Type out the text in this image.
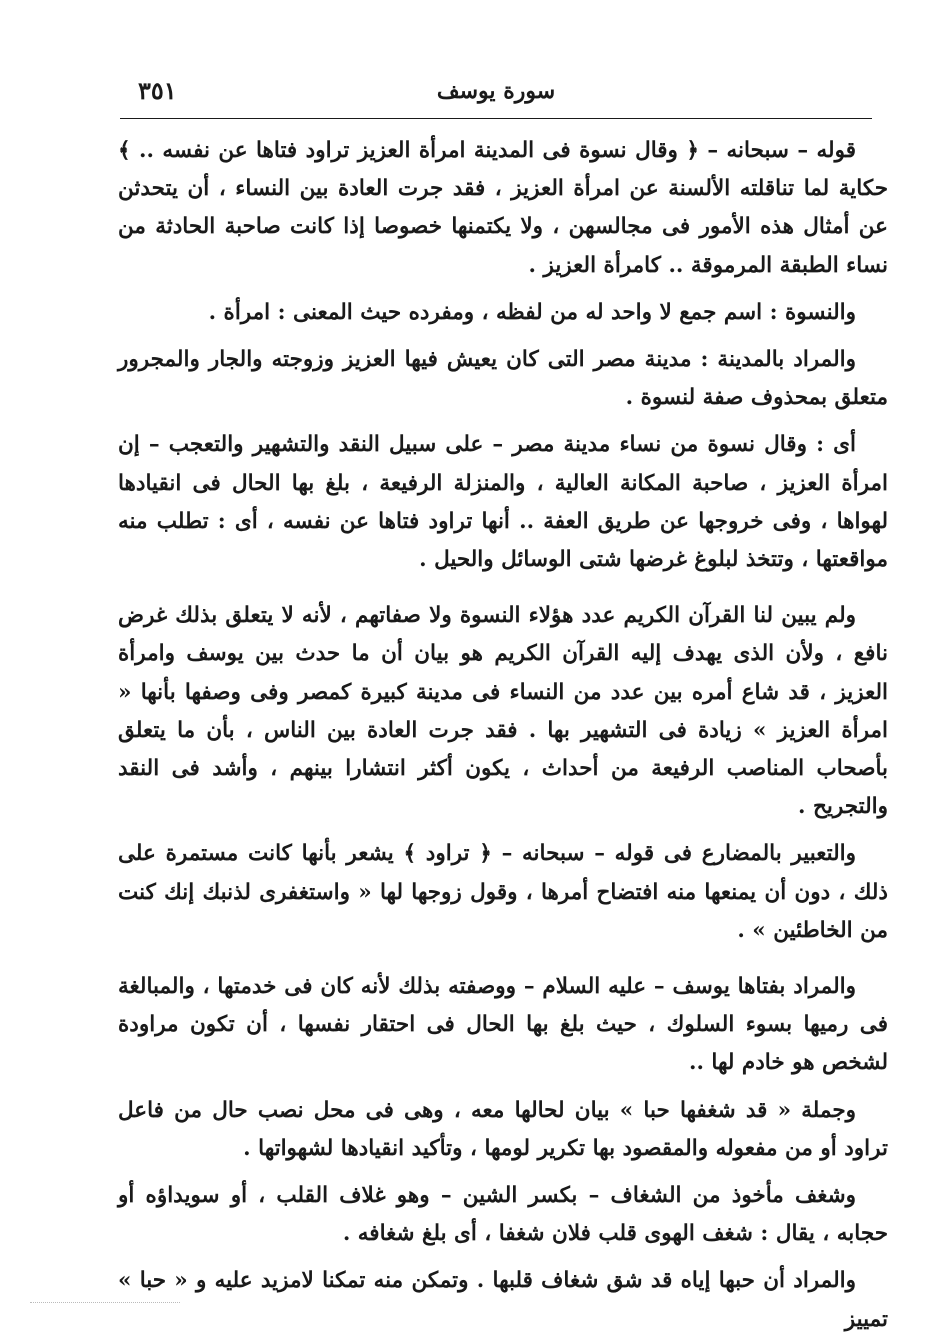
٣٥١	سورة يوسف

قوله – سبحانه – ﴿ وقال نسوة فى المدينة امرأة العزيز تراود فتاها عن نفسه .. ﴾ حكاية لما تناقلته الألسنة عن امرأة العزيز ، فقد جرت العادة بين النساء ، أن يتحدثن عن أمثال هذه الأمور فى مجالسهن ، ولا يكتمنها خصوصا إذا كانت صاحبة الحادثة من نساء الطبقة المرموقة .. كامرأة العزيز .

والنسوة : اسم جمع لا واحد له من لفظه ، ومفرده حيث المعنى : امرأة .

والمراد بالمدينة : مدينة مصر التى كان يعيش فيها العزيز وزوجته والجار والمجرور متعلق بمحذوف صفة لنسوة .

أى : وقال نسوة من نساء مدينة مصر – على سبيل النقد والتشهير والتعجب – إن امرأة العزيز ، صاحبة المكانة العالية ، والمنزلة الرفيعة ، بلغ بها الحال فى انقيادها لهواها ، وفى خروجها عن طريق العفة .. أنها تراود فتاها عن نفسه ، أى : تطلب منه مواقعتها ، وتتخذ لبلوغ غرضها شتى الوسائل والحيل .

ولم يبين لنا القرآن الكريم عدد هؤلاء النسوة ولا صفاتهم ، لأنه لا يتعلق بذلك غرض نافع ، ولأن الذى يهدف إليه القرآن الكريم هو بيان أن ما حدث بين يوسف وامرأة العزيز ، قد شاع أمره بين عدد من النساء فى مدينة كبيرة كمصر وفى وصفها بأنها « امرأة العزيز » زيادة فى التشهير بها . فقد جرت العادة بين الناس ، بأن ما يتعلق بأصحاب المناصب الرفيعة من أحداث ، يكون أكثر انتشارا بينهم ، وأشد فى النقد والتجريح .

والتعبير بالمضارع فى قوله – سبحانه – ﴿ تراود ﴾ يشعر بأنها كانت مستمرة على ذلك ، دون أن يمنعها منه افتضاح أمرها ، وقول زوجها لها « واستغفرى لذنبك إنك كنت من الخاطئين » .

والمراد بفتاها يوسف – عليه السلام – ووصفته بذلك لأنه كان فى خدمتها ، والمبالغة فى رميها بسوء السلوك ، حيث بلغ بها الحال فى احتقار نفسها ، أن تكون مراودة لشخص هو خادم لها ..

وجملة « قد شغفها حبا » بيان لحالها معه ، وهى فى محل نصب حال من فاعل تراود أو من مفعوله والمقصود بها تكرير لومها ، وتأكيد انقيادها لشهواتها .

وشغف مأخوذ من الشغاف – بكسر الشين – وهو غلاف القلب ، أو سويداؤه أو حجابه ، يقال : شغف الهوى قلب فلان شغفا ، أى بلغ شغافه .

والمراد أن حبها إياه قد شق شغاف قلبها . وتمكن منه تمكنا لامزيد عليه و « حبا » تمييز
